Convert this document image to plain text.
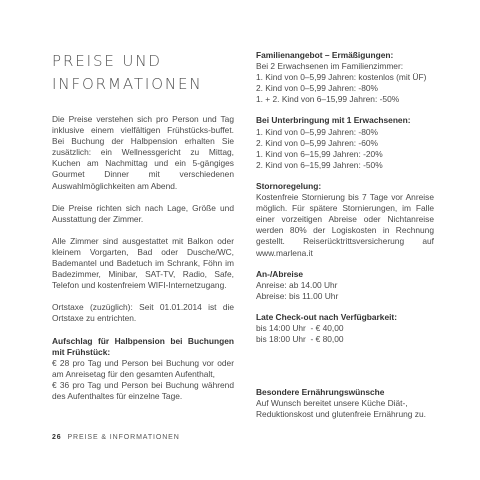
PREISE UND
INFORMATIONEN

Die Preise verstehen sich pro Person und Tag inklusive einem vielfältigen Frühstücks-buffet. Bei Buchung der Halbpension erhalten Sie zusätzlich: ein Wellnessgericht zu Mittag, Kuchen am Nachmittag und ein 5-gängiges Gourmet Dinner mit verschiedenen Auswahlmöglichkeiten am Abend.

Die Preise richten sich nach Lage, Größe und Ausstattung der Zimmer.

Alle Zimmer sind ausgestattet mit Balkon oder kleinem Vorgarten, Bad oder Dusche/WC, Bademantel und Badetuch im Schrank, Föhn im Badezimmer, Minibar, SAT-TV, Radio, Safe, Telefon und kostenfreiem WIFI-Internetzugang.

Ortstaxe (zuzüglich): Seit 01.01.2014 ist die Ortstaxe zu entrichten.

Aufschlag für Halbpension bei Buchungen mit Frühstück:

€ 28 pro Tag und Person bei Buchung vor oder am Anreisetag für den gesamten Aufenthalt,

€ 36 pro Tag und Person bei Buchung während des Aufenthaltes für einzelne Tage.

Familienangebot – Ermäßigungen:

Bei 2 Erwachsenen im Familienzimmer:
1. Kind von 0–5,99 Jahren: kostenlos (mit ÜF)
2. Kind von 0–5,99 Jahren: -80%
1. + 2. Kind von 6–15,99 Jahren: -50%

Bei Unterbringung mit 1 Erwachsenen:

1. Kind von 0–5,99 Jahren: -80%
2. Kind von 0–5,99 Jahren: -60%
1. Kind von 6–15,99 Jahren: -20%
2. Kind von 6–15,99 Jahren: -50%

Stornoregelung:

Kostenfreie Stornierung bis 7 Tage vor Anreise möglich. Für spätere Stornierungen, im Falle einer vorzeitigen Abreise oder Nichtanreise werden 80% der Logiskosten in Rechnung gestellt. Reiserücktrittsversicherung auf www.marlena.it

An-/Abreise

Anreise: ab 14.00 Uhr
Abreise: bis 11.00 Uhr

Late Check-out nach Verfügbarkeit:

bis 14:00 Uhr  - € 40,00
bis 18:00 Uhr  - € 80,00

Besondere Ernährungswünsche

Auf Wunsch bereitet unsere Küche Diät-, Reduktionskost und glutenfreie Ernährung zu.

26 PREISE & INFORMATIONEN
